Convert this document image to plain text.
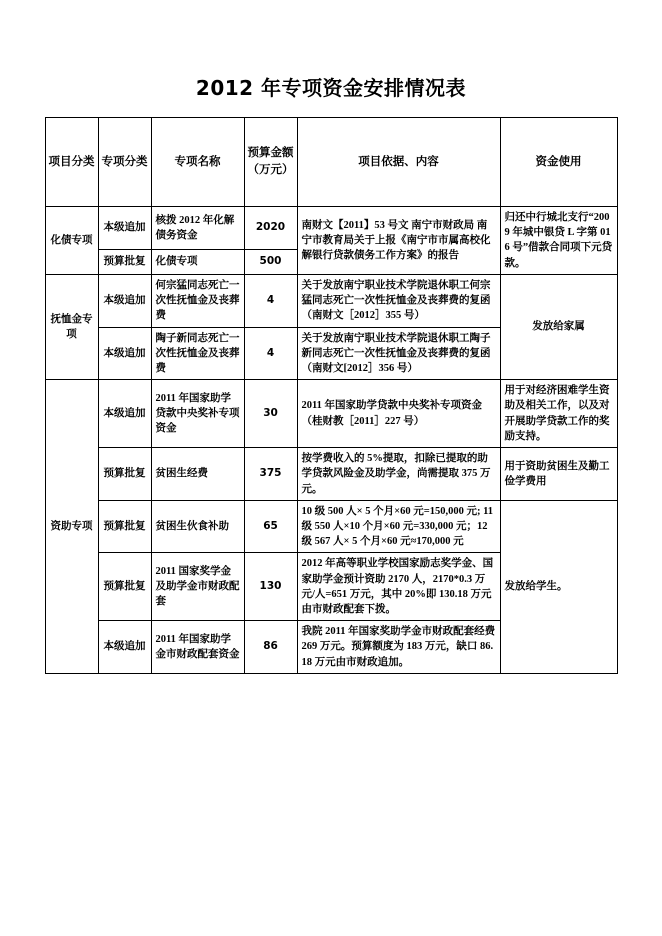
2012 年专项资金安排情况表
项目分类	专项分类	专项名称	预算金额（万元）	项目依据、内容	资金使用
化债专项	本级追加	核拨 2012 年化解债务资金	2020	南财文【2011】53 号文 南宁市财政局 南宁市教育局关于上报《南宁市市属高校化解银行贷款债务工作方案》的报告	归还中行城北支行“2009 年城中银贷 L 字第 016 号”借款合同项下元贷款。
	预算批复	化债专项	500		
抚恤金专项	本级追加	何宗猛同志死亡一次性抚恤金及丧葬费	4	关于发放南宁职业技术学院退休职工何宗猛同志死亡一次性抚恤金及丧葬费的复函（南财文［2012］355 号）	发放给家属
	本级追加	陶子新同志死亡一次性抚恤金及丧葬费	4	关于发放南宁职业技术学院退休职工陶子新同志死亡一次性抚恤金及丧葬费的复函（南财文[2012］356 号）	
资助专项	本级追加	2011 年国家助学贷款中央奖补专项资金	30	2011 年国家助学贷款中央奖补专项资金（桂财教［2011］227 号）	用于对经济困难学生资助及相关工作，以及对开展助学贷款工作的奖励支持。
	预算批复	贫困生经费	375	按学费收入的 5%提取，扣除已提取的助学贷款风险金及助学金，尚需提取 375 万元。	用于资助贫困生及勤工俭学费用
	预算批复	贫困生伙食补助	65	10 级 500 人× 5 个月×60 元=150,000 元; 11 级 550 人×10 个月×60 元=330,000 元；12 级 567 人× 5 个月×60 元≈170,000 元	发放给学生。
	预算批复	2011 国家奖学金及助学金市财政配套	130	2012 年高等职业学校国家励志奖学金、国家助学金预计资助 2170 人，2170*0.3 万元/人=651 万元，其中 20%即 130.18 万元由市财政配套下拨。	
	本级追加	2011 年国家助学金市财政配套资金	86	我院 2011 年国家奖助学金市财政配套经费 269 万元。预算额度为 183 万元，缺口 86.18 万元由市财政追加。	
